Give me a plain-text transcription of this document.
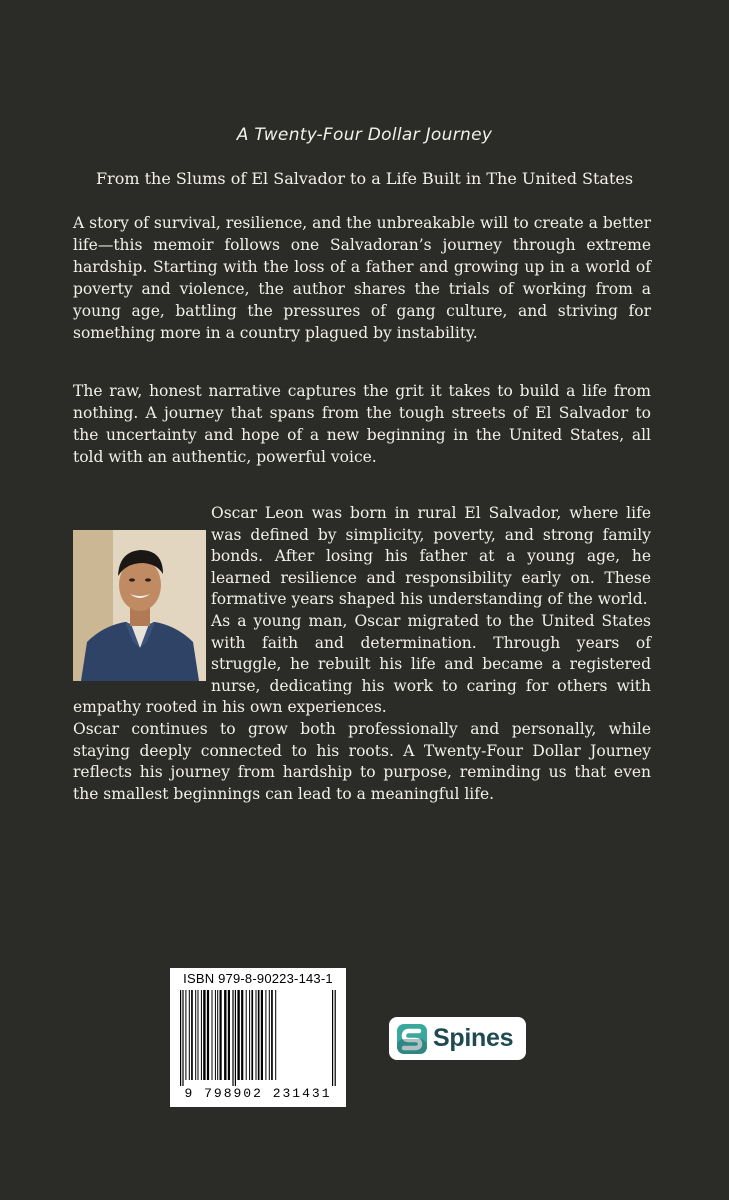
A Twenty-Four Dollar Journey
From the Slums of El Salvador to a Life Built in The United States

A story of survival, resilience, and the unbreakable will to create a better life—this memoir follows one Salvadoran’s journey through extreme hardship. Starting with the loss of a father and growing up in a world of poverty and violence, the author shares the trials of working from a young age, battling the pressures of gang culture, and striving for something more in a country plagued by instability.

The raw, honest narrative captures the grit it takes to build a life from nothing. A journey that spans from the tough streets of El Salvador to the uncertainty and hope of a new beginning in the United States, all told with an authentic, powerful voice.

Oscar Leon was born in rural El Salvador, where life was defined by simplicity, poverty, and strong family bonds. After losing his father at a young age, he learned resilience and responsibility early on. These formative years shaped his understanding of the world.

As a young man, Oscar migrated to the United States with faith and determination. Through years of struggle, he rebuilt his life and became a registered nurse, dedicating his work to caring for others with empathy rooted in his own experiences.

Oscar continues to grow both professionally and personally, while staying deeply connected to his roots. A Twenty-Four Dollar Journey reflects his journey from hardship to purpose, reminding us that even the smallest beginnings can lead to a meaningful life.

ISBN 979-8-90223-143-1
9 798902 231431
Spines
